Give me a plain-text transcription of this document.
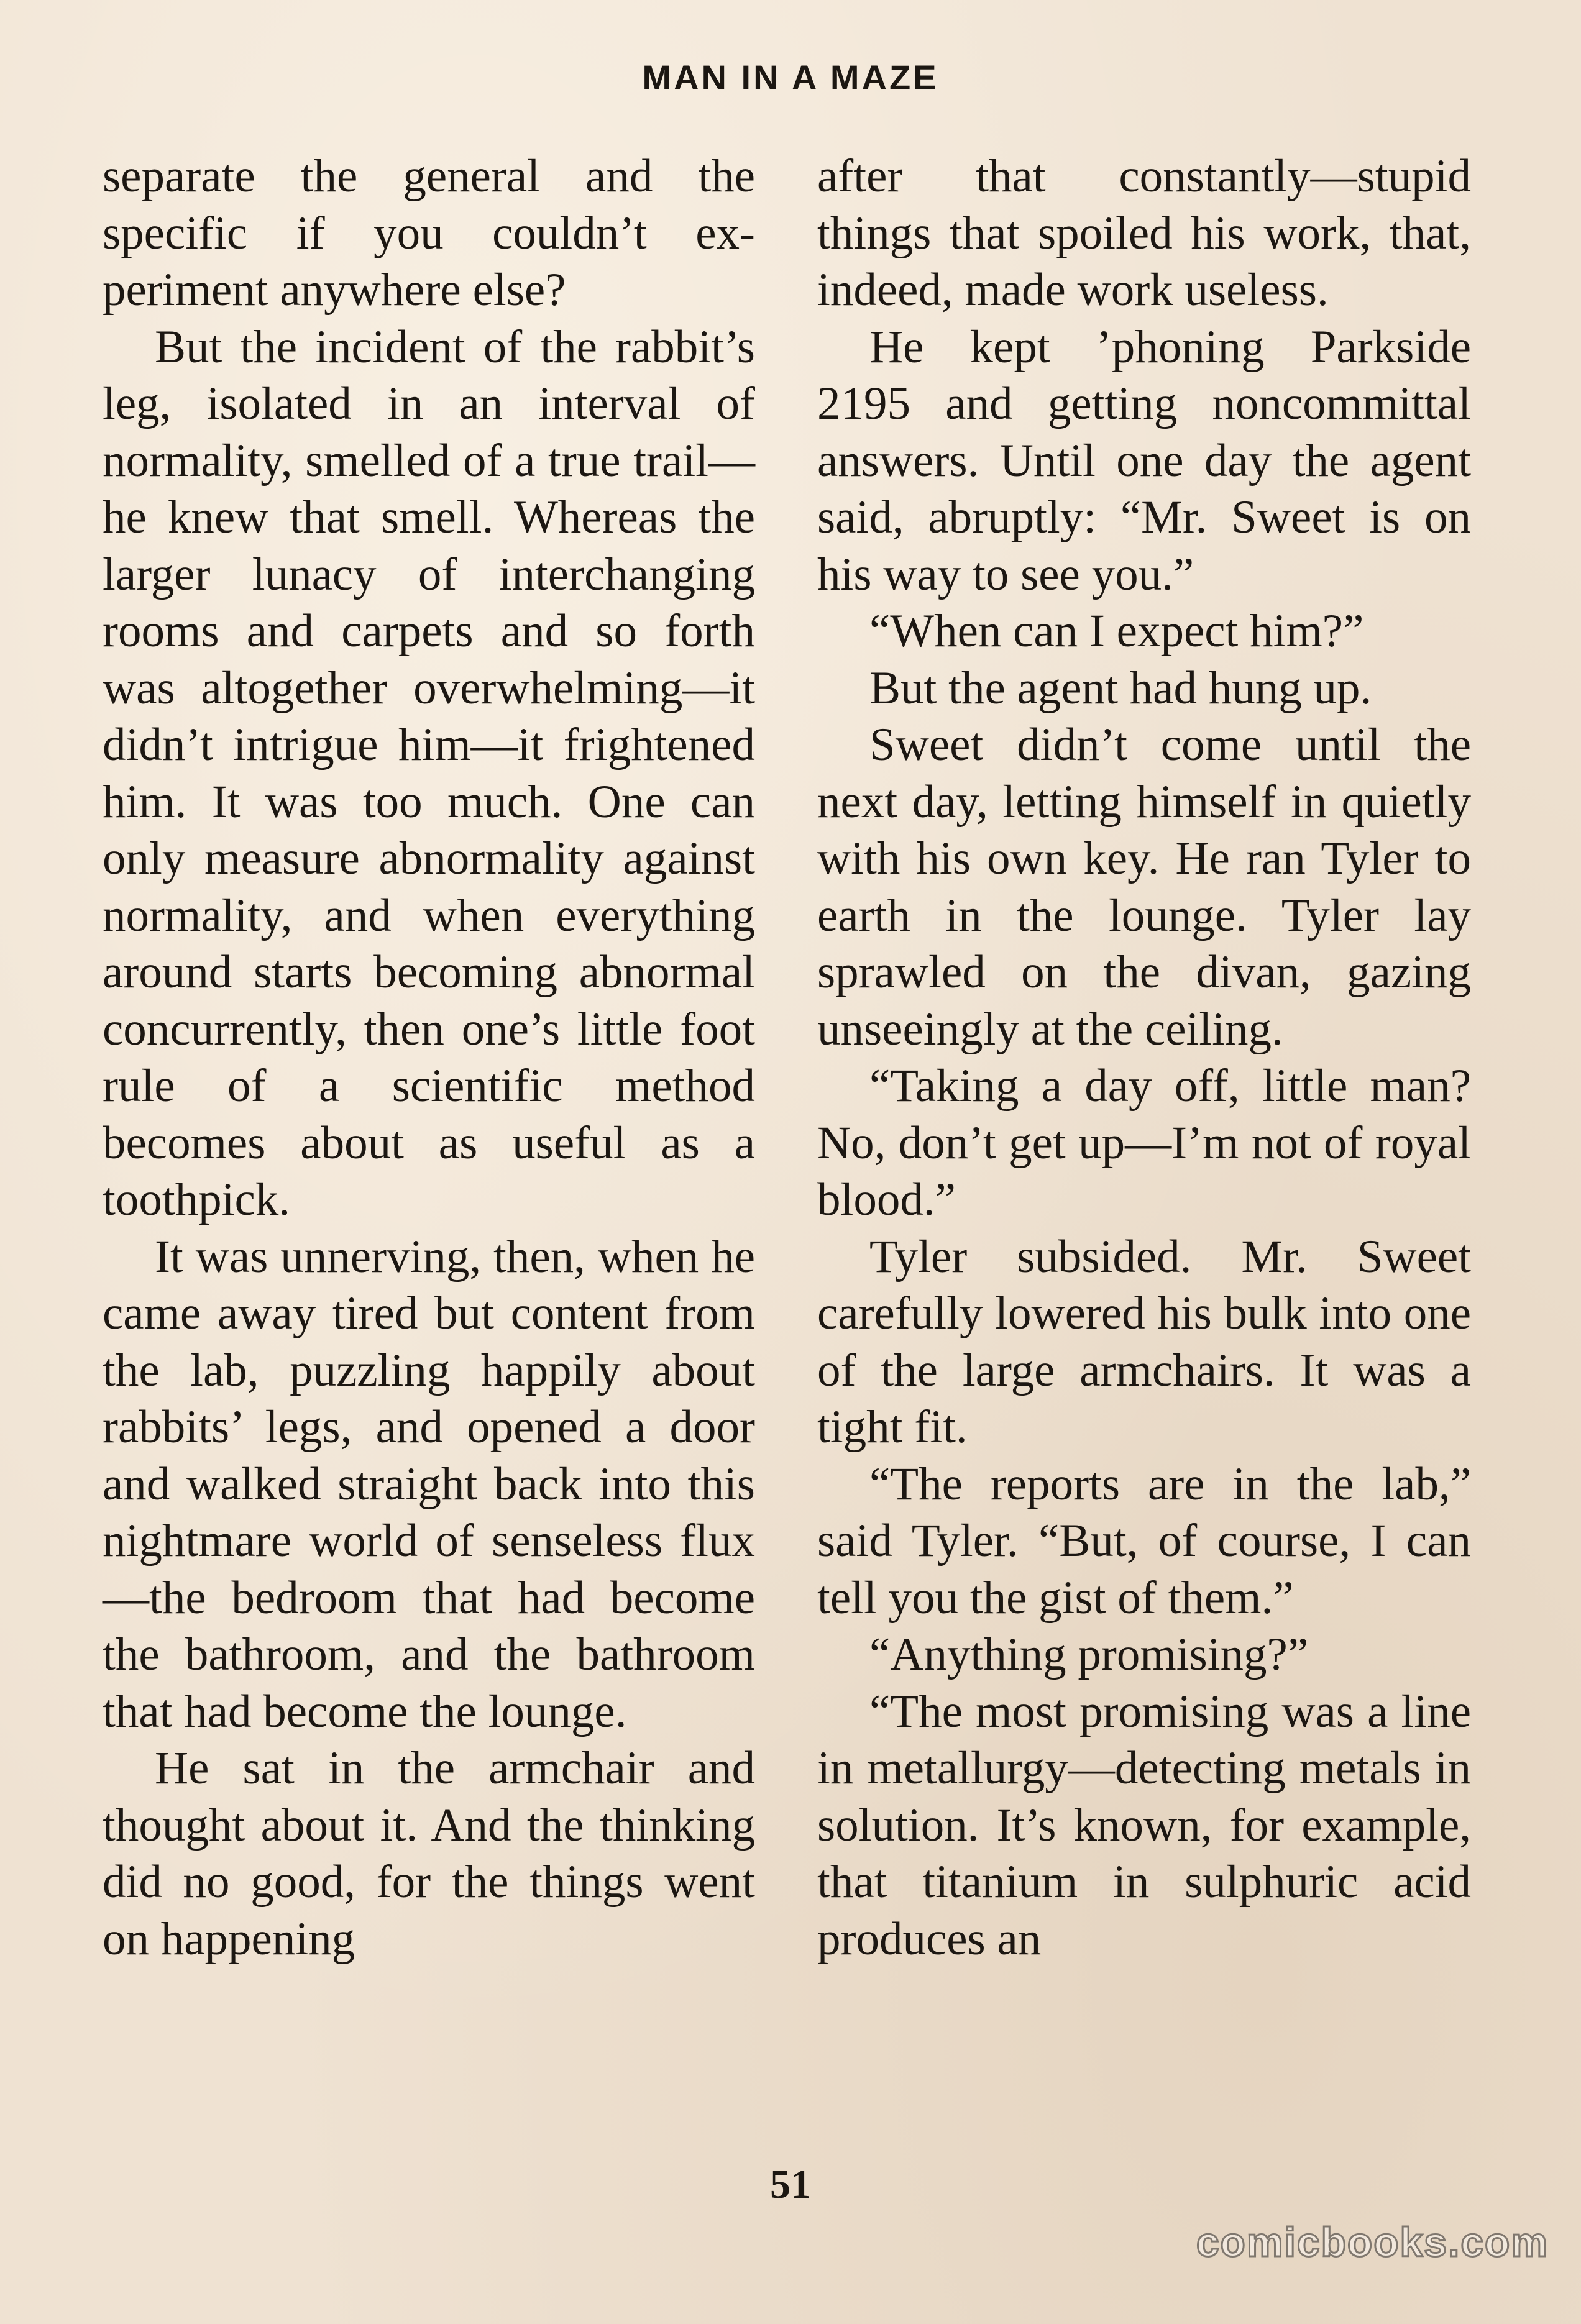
MAN IN A MAZE

separate the general and the specific if you couldn’t experiment anywhere else?

But the incident of the rabbit’s leg, isolated in an interval of normality, smelled of a true trail—he knew that smell. Whereas the larger lunacy of interchanging rooms and carpets and so forth was altogether overwhelming—it didn’t intrigue him—it frightened him. It was too much. One can only measure abnormality against normality, and when everything around starts becoming abnormal concurrently, then one’s little foot rule of a scientific method becomes about as useful as a toothpick.

It was unnerving, then, when he came away tired but content from the lab, puzzling happily about rabbits’ legs, and opened a door and walked straight back into this nightmare world of senseless flux—the bedroom that had become the bathroom, and the bathroom that had become the lounge.

He sat in the armchair and thought about it. And the thinking did no good, for the things went on happening

after that constantly—stupid things that spoiled his work, that, indeed, made work useless.

He kept ’phoning Parkside 2195 and getting noncommittal answers. Until one day the agent said, abruptly: “Mr. Sweet is on his way to see you.”

“When can I expect him?”

But the agent had hung up.

Sweet didn’t come until the next day, letting himself in quietly with his own key. He ran Tyler to earth in the lounge. Tyler lay sprawled on the divan, gazing unseeingly at the ceiling.

“Taking a day off, little man? No, don’t get up—I’m not of royal blood.”

Tyler subsided. Mr. Sweet carefully lowered his bulk into one of the large armchairs. It was a tight fit.

“The reports are in the lab,” said Tyler. “But, of course, I can tell you the gist of them.”

“Anything promising?”

“The most promising was a line in metallurgy—detecting metals in solution. It’s known, for example, that titanium in sulphuric acid produces an

51
comicbooks.com
